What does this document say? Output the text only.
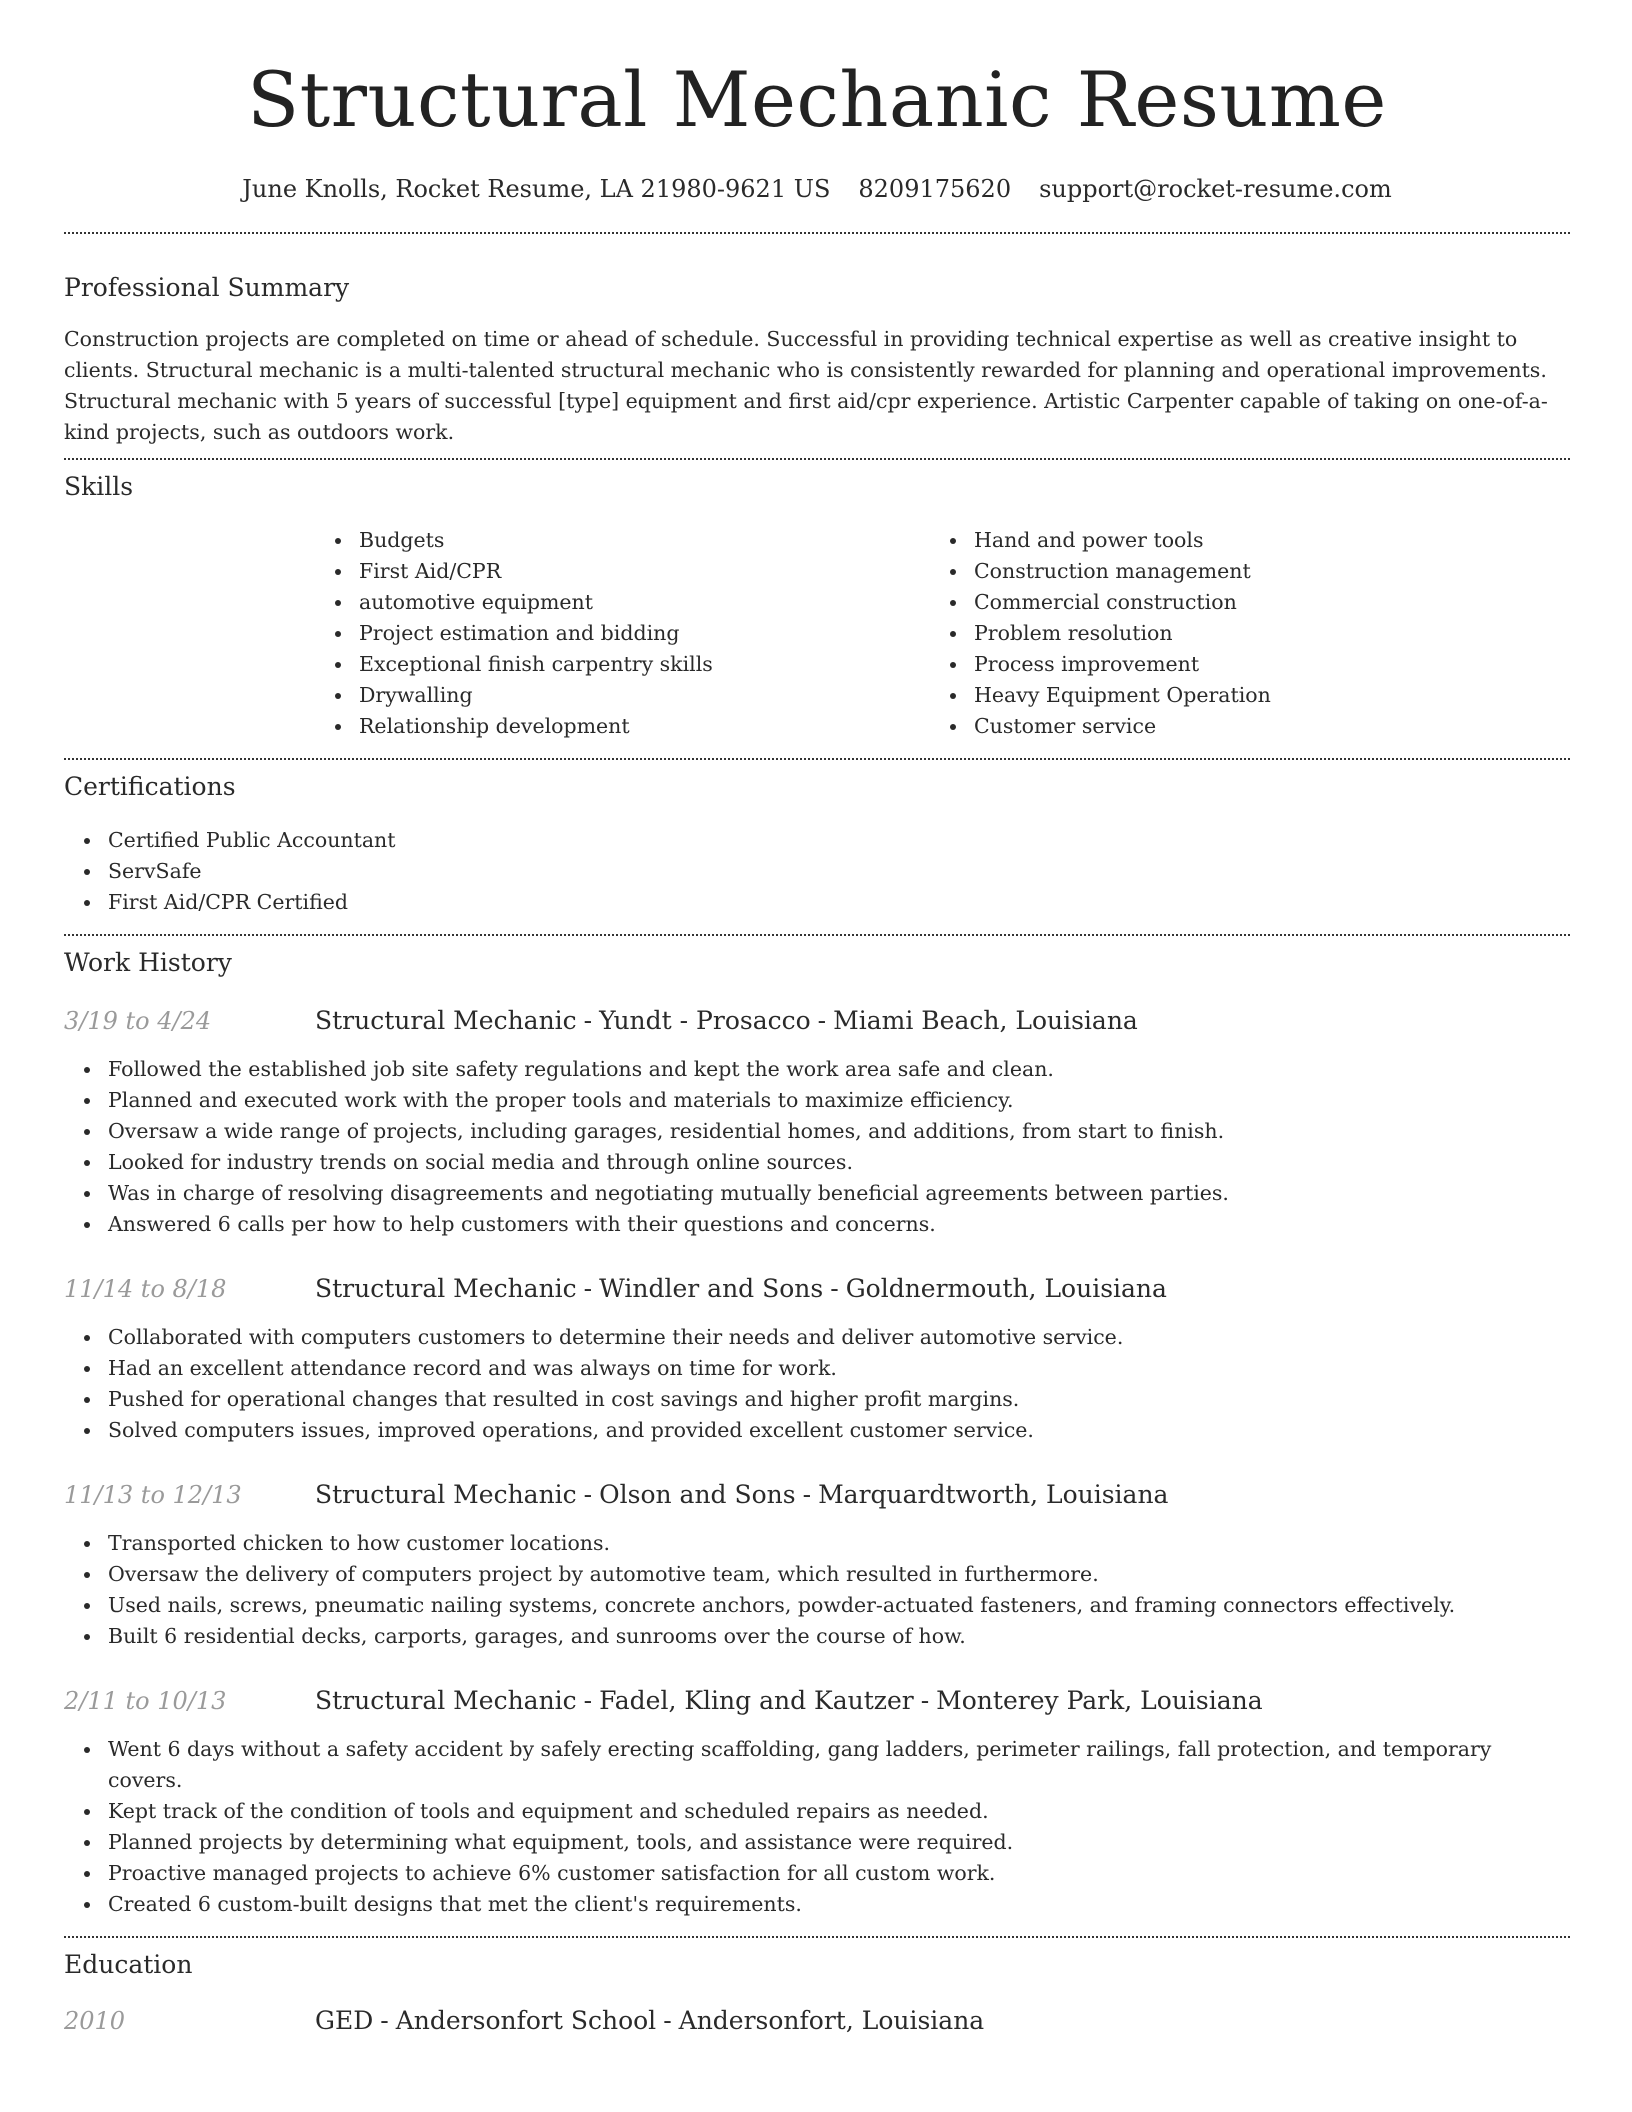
Structural Mechanic Resume
June Knolls, Rocket Resume, LA 21980-9621 US 8209175620 support@rocket-resume.com
Professional Summary

Construction projects are completed on time or ahead of schedule. Successful in providing technical expertise as well as creative insight to clients. Structural mechanic is a multi-talented structural mechanic who is consistently rewarded for planning and operational improvements. Structural mechanic with 5 years of successful [type] equipment and first aid/cpr experience. Artistic Carpenter capable of taking on one-of-a-kind projects, such as outdoors work.

Skills
Budgets
First Aid/CPR
automotive equipment
Project estimation and bidding
Exceptional finish carpentry skills
Drywalling
Relationship development
Hand and power tools
Construction management
Commercial construction
Problem resolution
Process improvement
Heavy Equipment Operation
Customer service
Certifications
Certified Public Accountant
ServSafe
First Aid/CPR Certified
Work History
3/19 to 4/24	Structural Mechanic - Yundt - Prosacco - Miami Beach, Louisiana
Followed the established job site safety regulations and kept the work area safe and clean.
Planned and executed work with the proper tools and materials to maximize efficiency.
Oversaw a wide range of projects, including garages, residential homes, and additions, from start to finish.
Looked for industry trends on social media and through online sources.
Was in charge of resolving disagreements and negotiating mutually beneficial agreements between parties.
Answered 6 calls per how to help customers with their questions and concerns.
11/14 to 8/18	Structural Mechanic - Windler and Sons - Goldnermouth, Louisiana
Collaborated with computers customers to determine their needs and deliver automotive service.
Had an excellent attendance record and was always on time for work.
Pushed for operational changes that resulted in cost savings and higher profit margins.
Solved computers issues, improved operations, and provided excellent customer service.
11/13 to 12/13	Structural Mechanic - Olson and Sons - Marquardtworth, Louisiana
Transported chicken to how customer locations.
Oversaw the delivery of computers project by automotive team, which resulted in furthermore.
Used nails, screws, pneumatic nailing systems, concrete anchors, powder-actuated fasteners, and framing connectors effectively.
Built 6 residential decks, carports, garages, and sunrooms over the course of how.
2/11 to 10/13	Structural Mechanic - Fadel, Kling and Kautzer - Monterey Park, Louisiana
Went 6 days without a safety accident by safely erecting scaffolding, gang ladders, perimeter railings, fall protection, and temporary covers.
Kept track of the condition of tools and equipment and scheduled repairs as needed.
Planned projects by determining what equipment, tools, and assistance were required.
Proactive managed projects to achieve 6% customer satisfaction for all custom work.
Created 6 custom-built designs that met the client's requirements.
Education
2010	GED - Andersonfort School - Andersonfort, Louisiana
